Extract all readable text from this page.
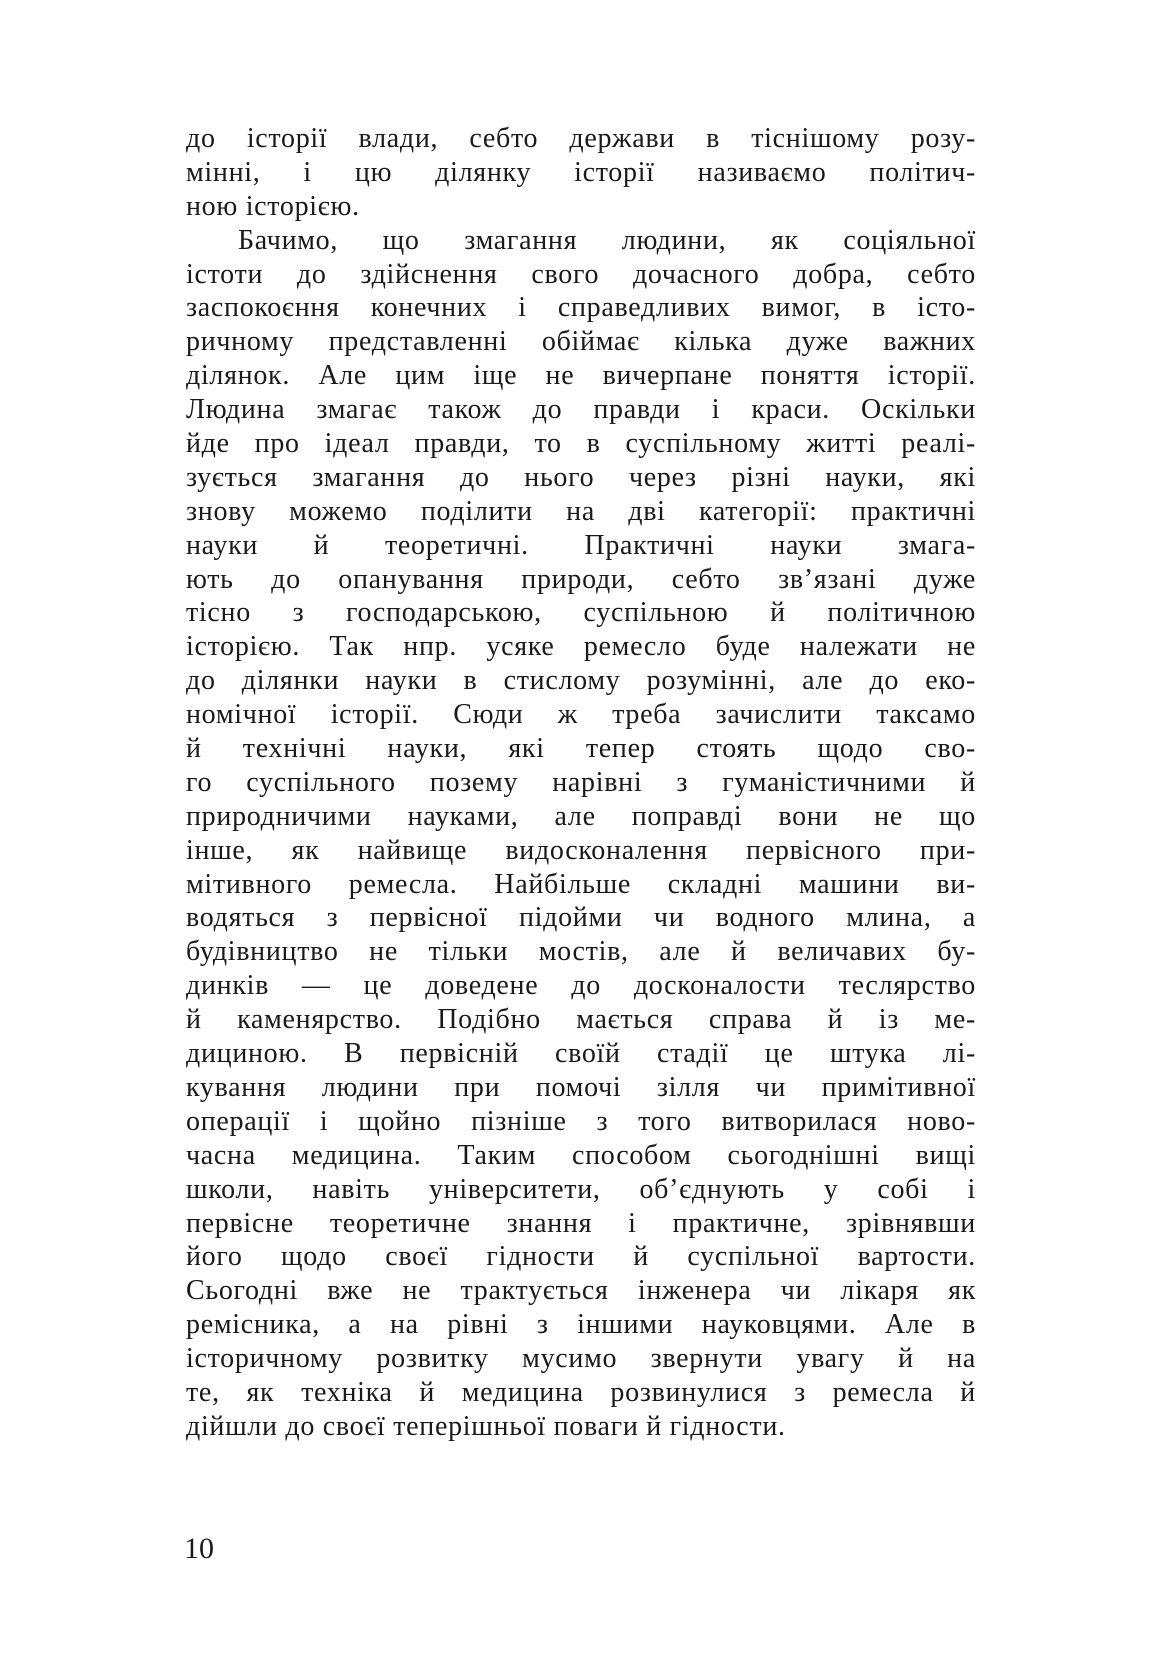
до історії влади, себто держави в тіснішому розу-
мінні, і цю ділянку історії називаємо політич-
ною історією.
Бачимо, що змагання людини, як соціяльної
істоти до здійснення свого дочасного добра, себто
заспокоєння конечних і справедливих вимог, в істо-
ричному представленні обіймає кілька дуже важних
ділянок. Але цим іще не вичерпане поняття історії.
Людина змагає також до правди і краси. Оскільки
йде про ідеал правди, то в суспільному житті реалі-
зується змагання до нього через різні науки, які
знову можемо поділити на дві категорії: практичні
науки й теоретичні. Практичні науки змага-
ють до опанування природи, себто зв’язані дуже
тісно з господарською, суспільною й політичною
історією. Так нпр. усяке ремесло буде належати не
до ділянки науки в стислому розумінні, але до еко-
номічної історії. Сюди ж треба зачислити таксамо
й технічні науки, які тепер стоять щодо сво-
го суспільного позему нарівні з гуманістичними й
природничими науками, але поправді вони не що
інше, як найвище видосконалення первісного при-
мітивного ремесла. Найбільше складні машини ви-
водяться з первісної підойми чи водного млина, а
будівництво не тільки мостів, але й величавих бу-
динків — це доведене до досконалости теслярство
й каменярство. Подібно мається справа й із ме-
дициною. В первісній своїй стадії це штука лі-
кування людини при помочі зілля чи примітивної
операції і щойно пізніше з того витворилася ново-
часна медицина. Таким способом сьогоднішні вищі
школи, навіть університети, об’єднують у собі і
первісне теоретичне знання і практичне, зрівнявши
його щодо своєї гідности й суспільної вартости.
Сьогодні вже не трактується інженера чи лікаря як
ремісника, а на рівні з іншими науковцями. Але в
історичному розвитку мусимо звернути увагу й на
те, як техніка й медицина розвинулися з ремесла й
дійшли до своєї теперішньої поваги й гідности.
10
